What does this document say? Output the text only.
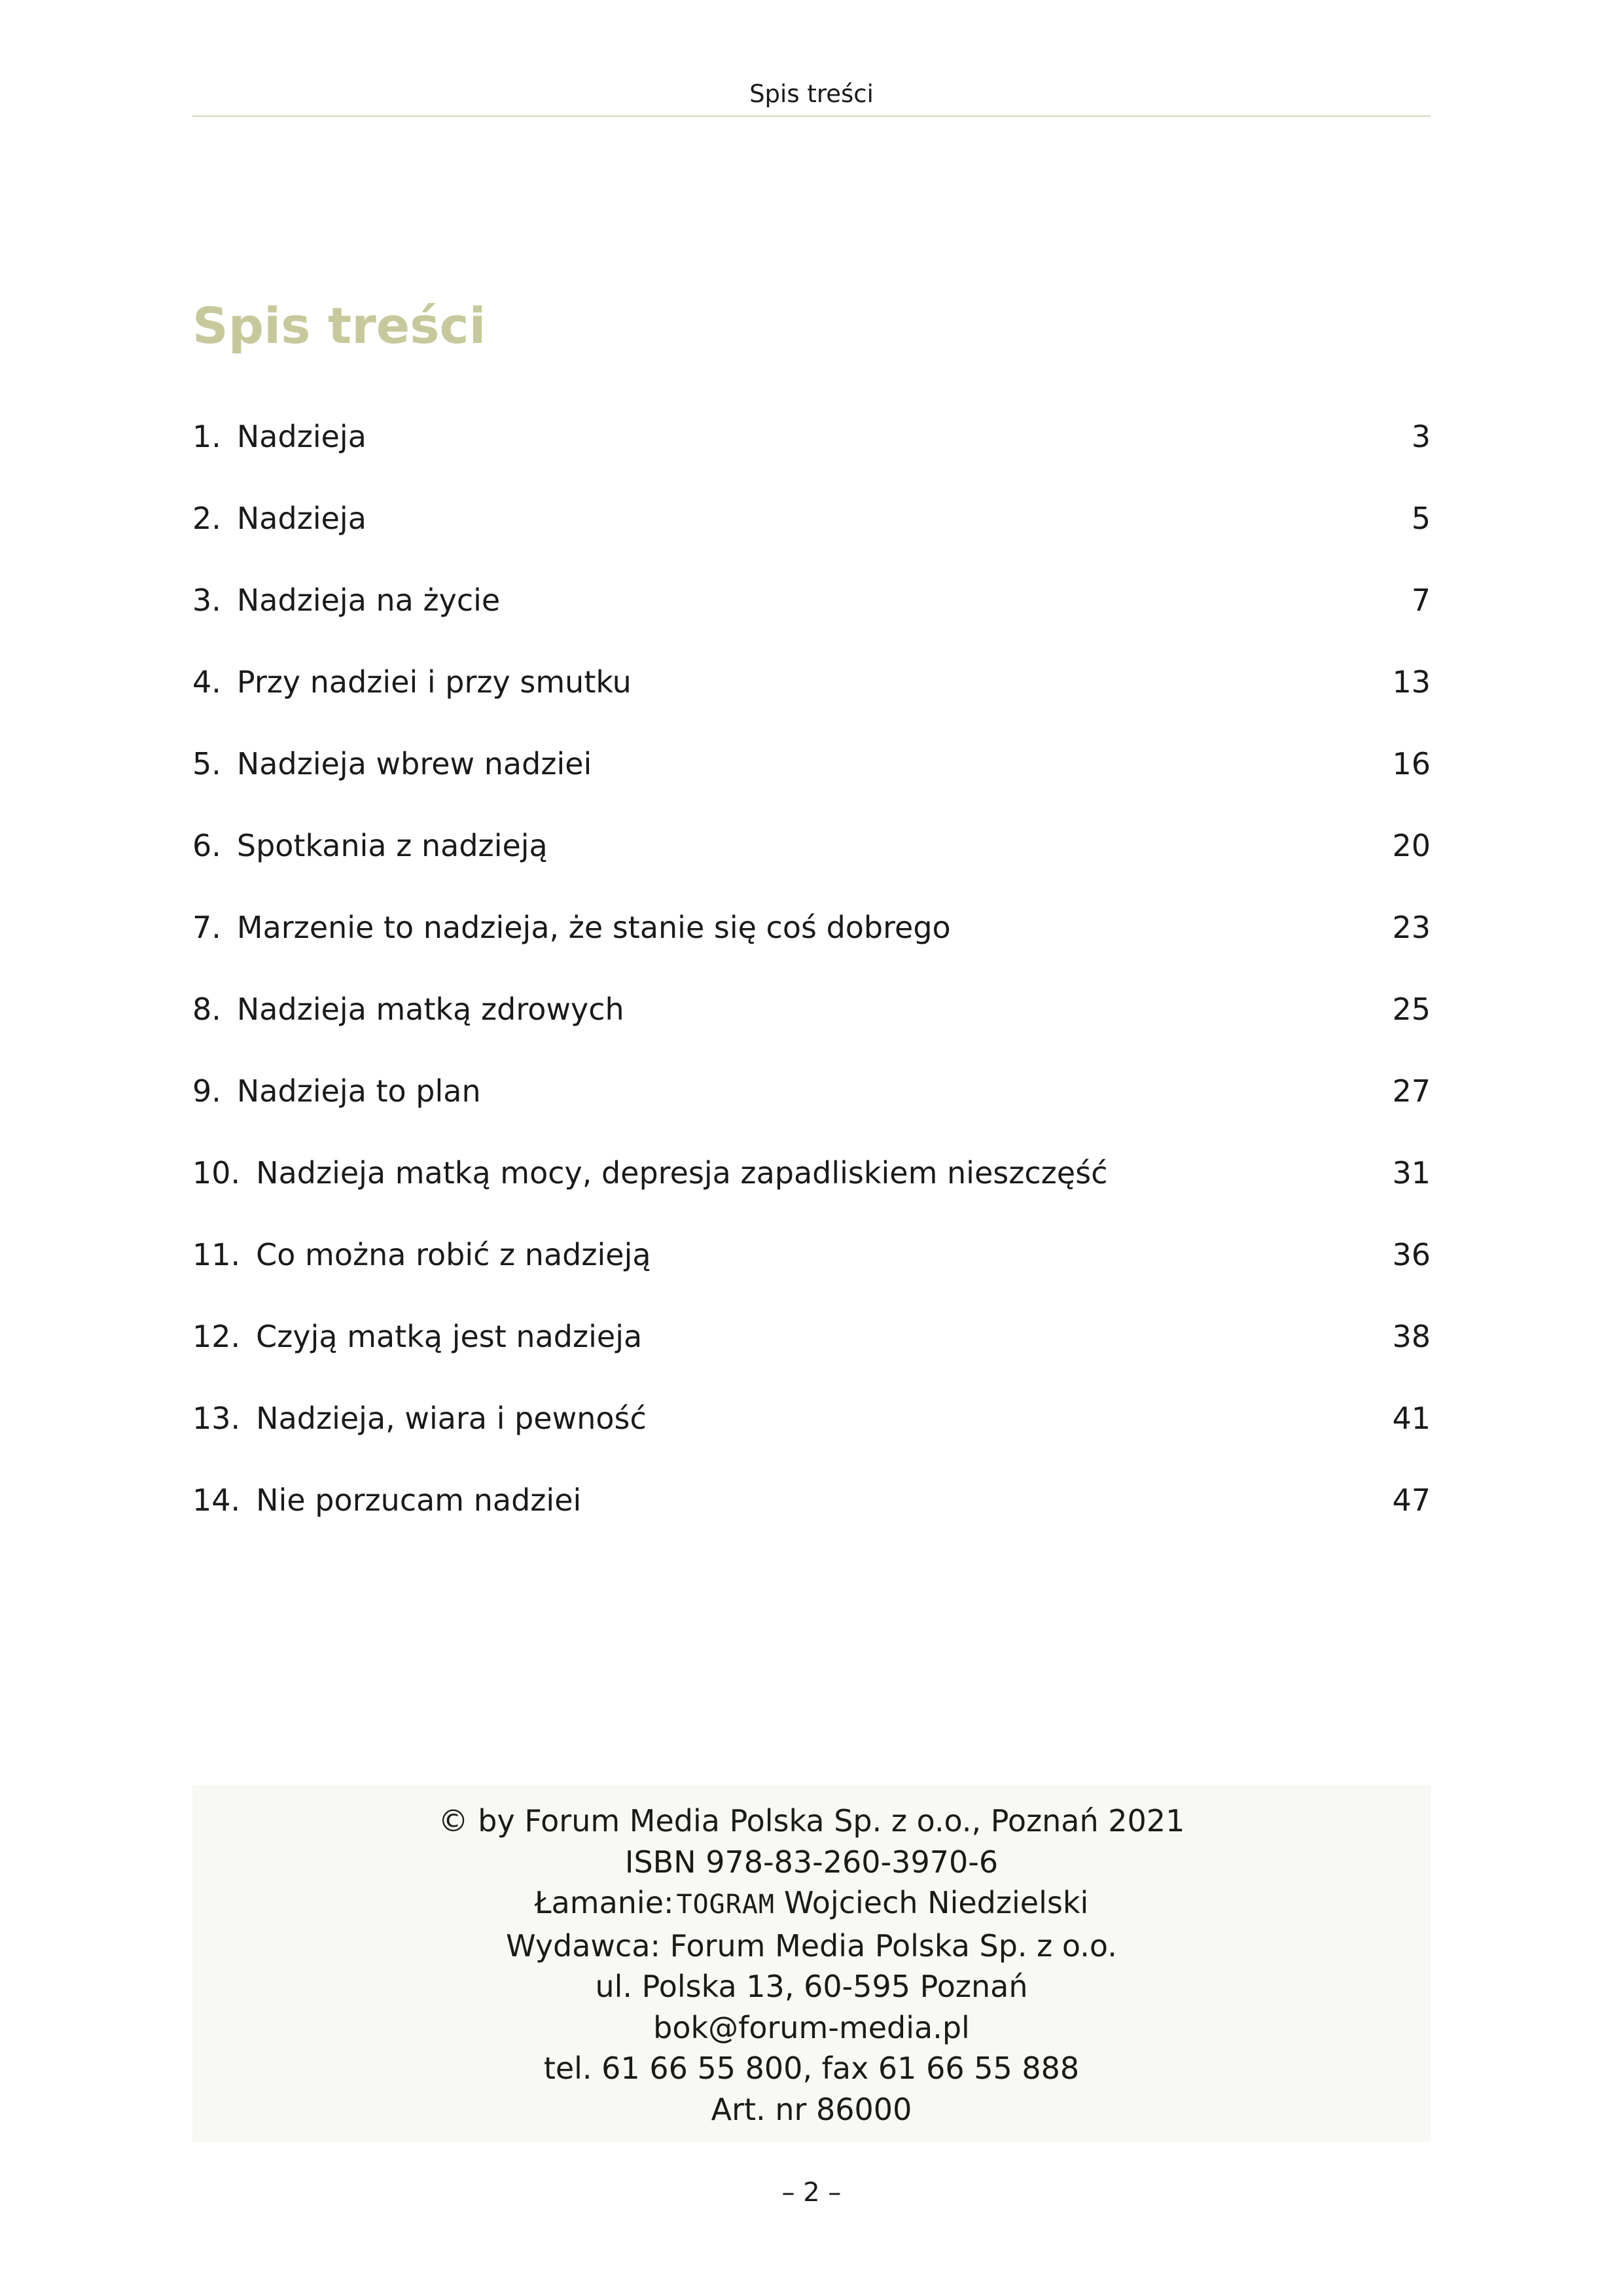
Spis treści
Spis treści
1. Nadzieja	3
2. Nadzieja	5
3. Nadzieja na życie	7
4. Przy nadziei i przy smutku	13
5. Nadzieja wbrew nadziei	16
6. Spotkania z nadzieją	20
7. Marzenie to nadzieja, że stanie się coś dobrego	23
8. Nadzieja matką zdrowych	25
9. Nadzieja to plan	27
10. Nadzieja matką mocy, depresja zapadliskiem nieszczęść	31
11. Co można robić z nadzieją	36
12. Czyją matką jest nadzieja	38
13. Nadzieja, wiara i pewność	41
14. Nie porzucam nadziei	47
© by Forum Media Polska Sp. z o.o., Poznań 2021
ISBN 978-83-260-3970-6
Łamanie: TOGRAM Wojciech Niedzielski
Wydawca: Forum Media Polska Sp. z o.o.
ul. Polska 13, 60-595 Poznań
bok@forum-media.pl
tel. 61 66 55 800, fax 61 66 55 888
Art. nr 86000
– 2 –
